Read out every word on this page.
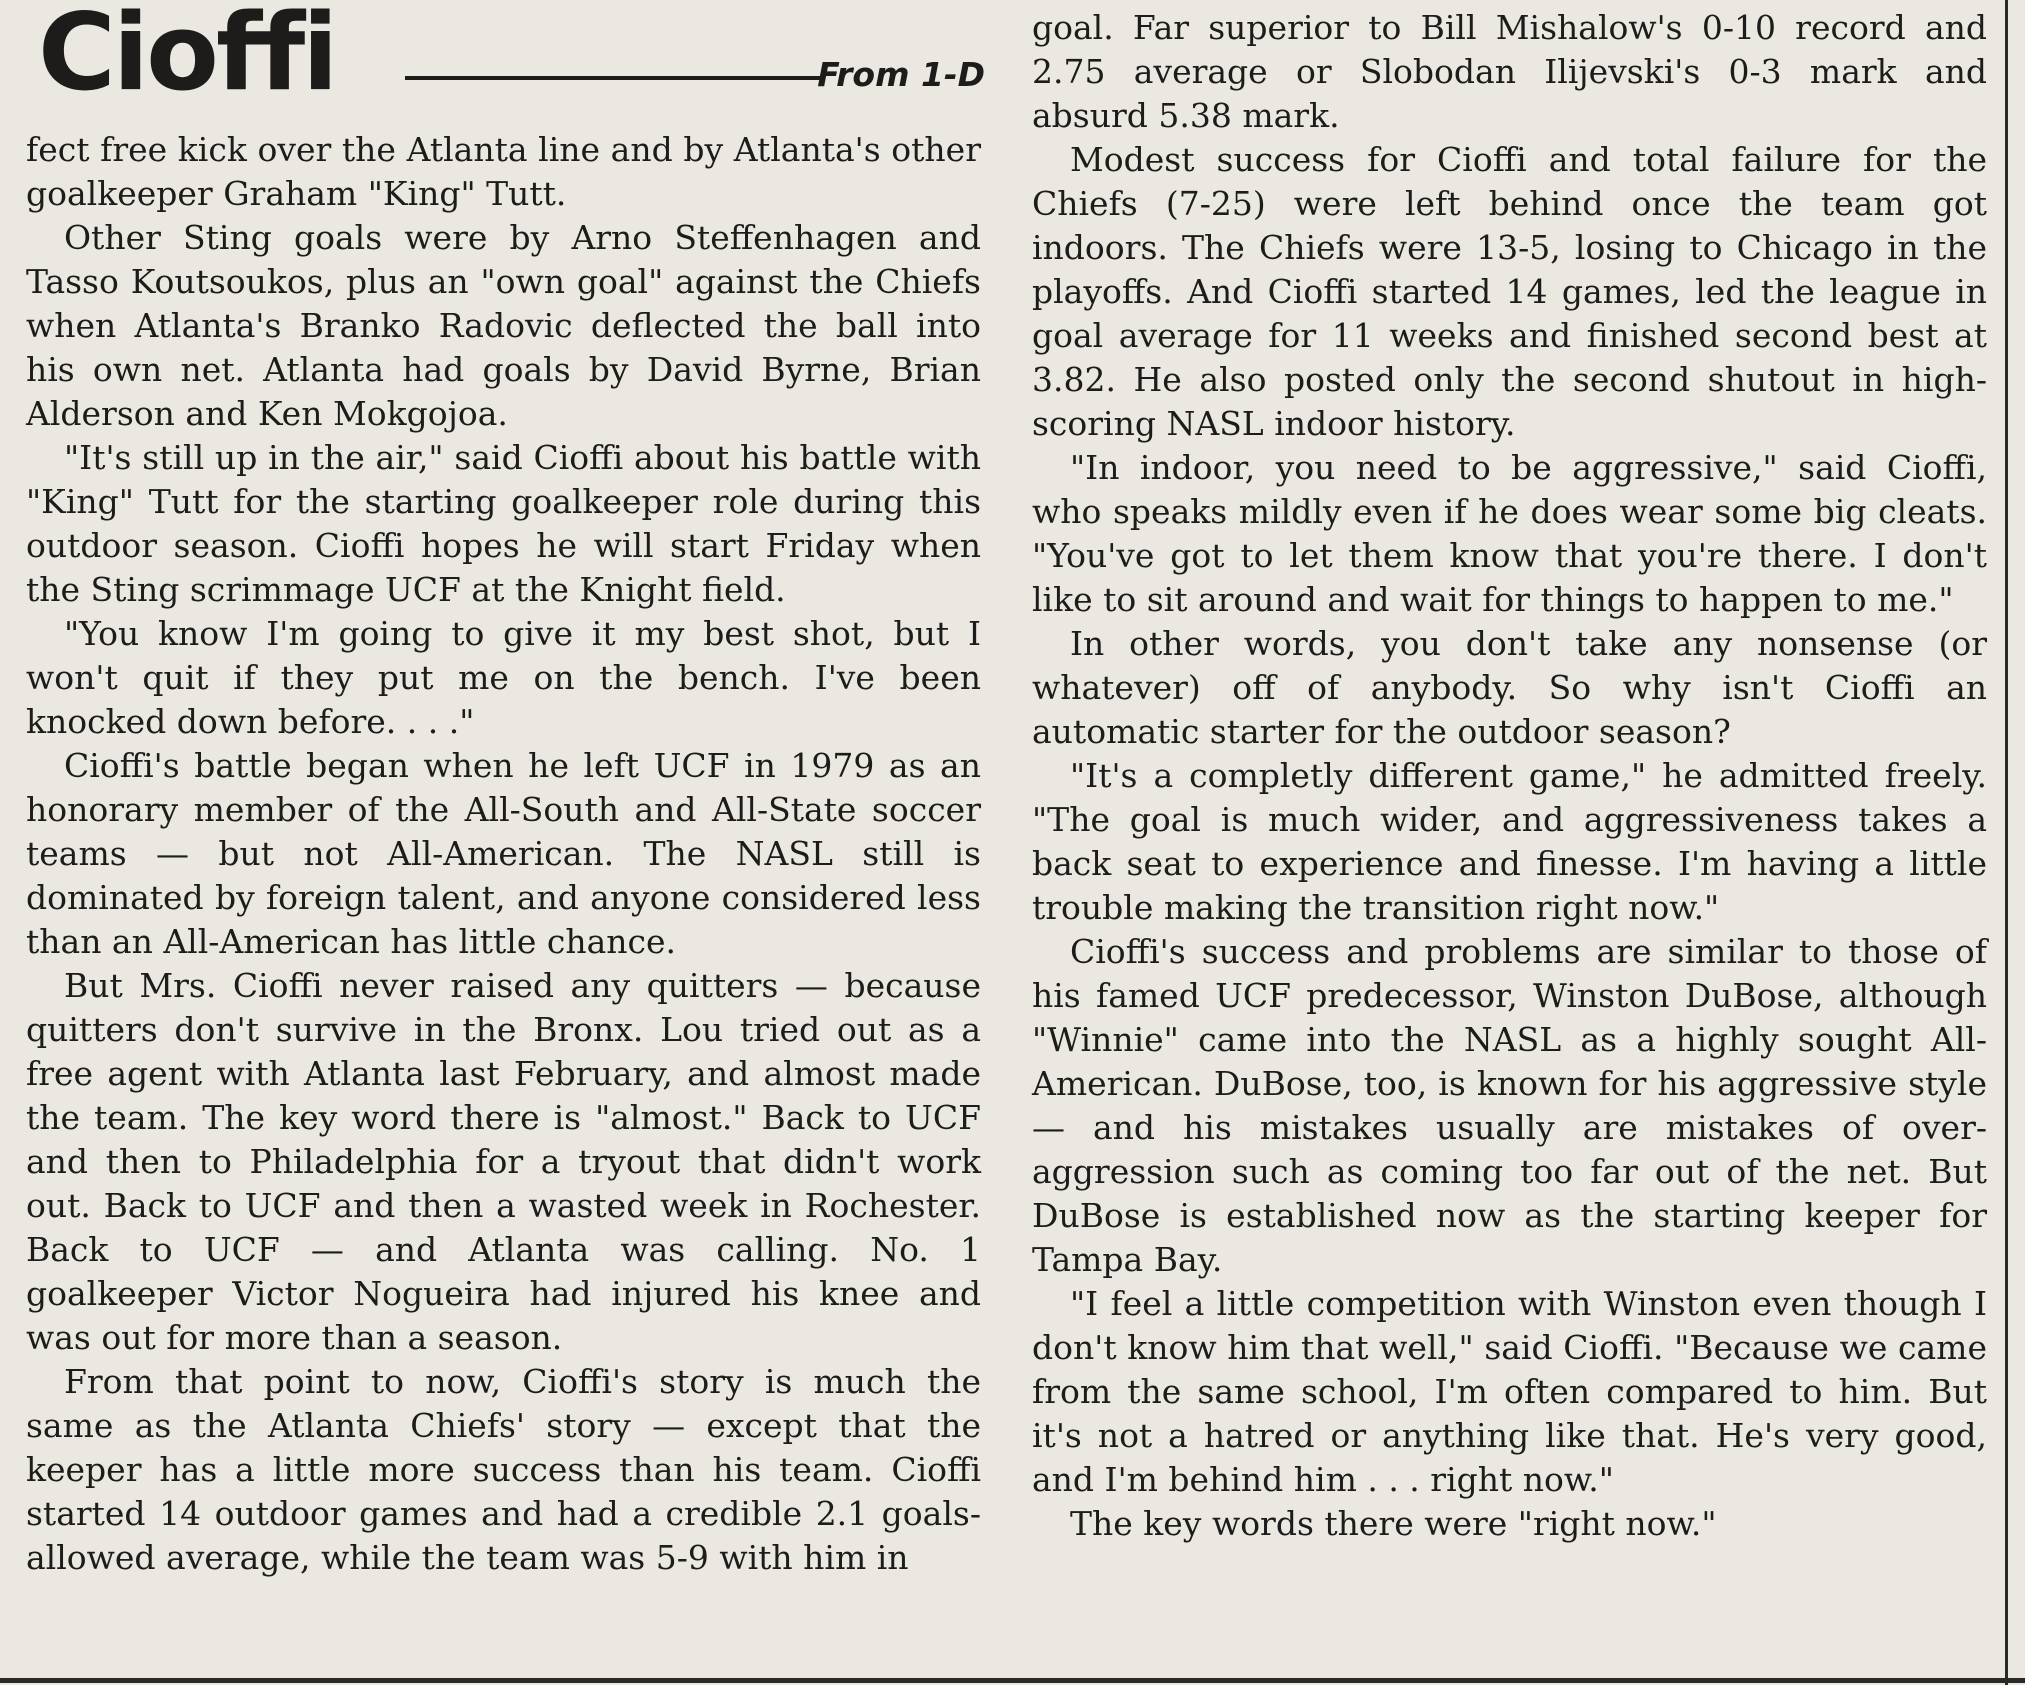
Cioffi	From 1-D

fect free kick over the Atlanta line and by Atlanta's other goalkeeper Graham "King" Tutt.

Other Sting goals were by Arno Steffenhagen and Tasso Koutsoukos, plus an "own goal" against the Chiefs when Atlanta's Branko Radovic deflected the ball into his own net. Atlanta had goals by David Byrne, Brian Alderson and Ken Mokgojoa.

"It's still up in the air," said Cioffi about his battle with "King" Tutt for the starting goalkeeper role during this outdoor season. Cioffi hopes he will start Friday when the Sting scrimmage UCF at the Knight field.

"You know I'm going to give it my best shot, but I won't quit if they put me on the bench. I've been knocked down before. . . ."

Cioffi's battle began when he left UCF in 1979 as an honorary member of the All-South and All-State soccer teams — but not All-American. The NASL still is dominated by foreign talent, and anyone considered less than an All-American has little chance.

But Mrs. Cioffi never raised any quitters — because quitters don't survive in the Bronx. Lou tried out as a free agent with Atlanta last February, and almost made the team. The key word there is "almost." Back to UCF and then to Philadelphia for a tryout that didn't work out. Back to UCF and then a wasted week in Rochester. Back to UCF — and Atlanta was calling. No. 1 goalkeeper Victor Nogueira had injured his knee and was out for more than a season.

From that point to now, Cioffi's story is much the same as the Atlanta Chiefs' story — except that the keeper has a little more success than his team. Cioffi started 14 outdoor games and had a credible 2.1 goals-allowed average, while the team was 5-9 with him in

goal. Far superior to Bill Mishalow's 0-10 record and 2.75 average or Slobodan Ilijevski's 0-3 mark and absurd 5.38 mark.

Modest success for Cioffi and total failure for the Chiefs (7-25) were left behind once the team got indoors. The Chiefs were 13-5, losing to Chicago in the playoffs. And Cioffi started 14 games, led the league in goal average for 11 weeks and finished second best at 3.82. He also posted only the second shutout in high-scoring NASL indoor history.

"In indoor, you need to be aggressive," said Cioffi, who speaks mildly even if he does wear some big cleats. "You've got to let them know that you're there. I don't like to sit around and wait for things to happen to me."

In other words, you don't take any nonsense (or whatever) off of anybody. So why isn't Cioffi an automatic starter for the outdoor season?

"It's a completly different game," he admitted freely. "The goal is much wider, and aggressiveness takes a back seat to experience and finesse. I'm having a little trouble making the transition right now."

Cioffi's success and problems are similar to those of his famed UCF predecessor, Winston DuBose, although "Winnie" came into the NASL as a highly sought All-American. DuBose, too, is known for his aggressive style — and his mistakes usually are mistakes of over-aggression such as coming too far out of the net. But DuBose is established now as the starting keeper for Tampa Bay.

"I feel a little competition with Winston even though I don't know him that well," said Cioffi. "Because we came from the same school, I'm often compared to him. But it's not a hatred or anything like that. He's very good, and I'm behind him . . . right now."

The key words there were "right now."
